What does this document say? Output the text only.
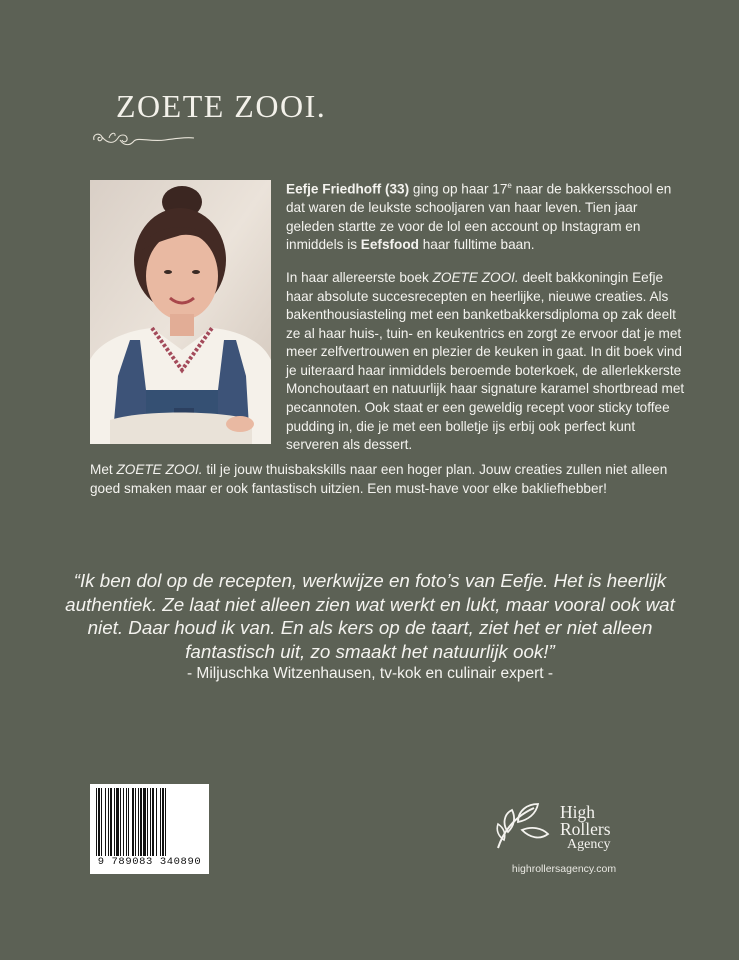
ZOETE ZOOI.

Eefje Friedhoff (33) ging op haar 17e naar de bakkersschool en dat waren de leukste schooljaren van haar leven. Tien jaar geleden startte ze voor de lol een account op Instagram en inmiddels is Eefsfood haar fulltime baan.

In haar allereerste boek ZOETE ZOOI. deelt bakkoningin Eefje haar absolute succesrecepten en heerlijke, nieuwe creaties. Als bakenthousiasteling met een banketbakkersdiploma op zak deelt ze al haar huis-, tuin- en keukentrics en zorgt ze ervoor dat je met meer zelfvertrouwen en plezier de keuken in gaat. In dit boek vind je uiteraard haar inmiddels beroemde boterkoek, de allerlekkerste Monchoutaart en natuurlijk haar signature karamel shortbread met pecannoten. Ook staat er een geweldig recept voor sticky toffee pudding in, die je met een bolletje ijs erbij ook perfect kunt serveren als dessert.

Met ZOETE ZOOI. til je jouw thuisbakskills naar een hoger plan. Jouw creaties zullen niet alleen goed smaken maar er ook fantastisch uitzien. Een must-have voor elke bakliefhebber!

“Ik ben dol op de recepten, werkwijze en foto’s van Eefje. Het is heerlijk authentiek. Ze laat niet alleen zien wat werkt en lukt, maar vooral ook wat niet. Daar houd ik van. En als kers op de taart, ziet het er niet alleen fantastisch uit, zo smaakt het natuurlijk ook!”

- Miljuschka Witzenhausen, tv-kok en culinair expert -

9 789083 340890
High
Rollers
Agency
highrollersagency.com
